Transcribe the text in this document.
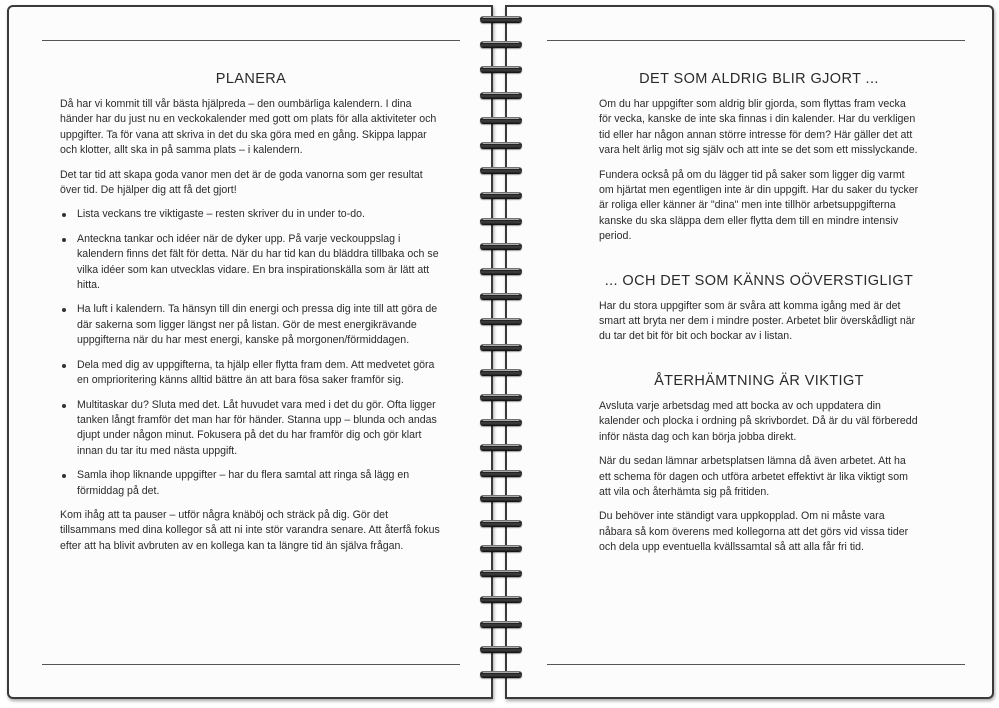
PLANERA

Då har vi kommit till vår bästa hjälpreda – den oumbärliga kalendern. I dina händer har du just nu en veckokalender med gott om plats för alla aktiviteter och uppgifter. Ta för vana att skriva in det du ska göra med en gång. Skippa lappar och klotter, allt ska in på samma plats – i kalendern.

Det tar tid att skapa goda vanor men det är de goda vanorna som ger resultat över tid. De hjälper dig att få det gjort!

Lista veckans tre viktigaste – resten skriver du in under to-do.
Anteckna tankar och idéer när de dyker upp. På varje veckouppslag i kalendern finns det fält för detta. När du har tid kan du bläddra tillbaka och se vilka idéer som kan utvecklas vidare. En bra inspirationskälla som är lätt att hitta.
Ha luft i kalendern. Ta hänsyn till din energi och pressa dig inte till att göra de där sakerna som ligger längst ner på listan. Gör de mest energikrävande uppgifterna när du har mest energi, kanske på morgonen/förmiddagen.
Dela med dig av uppgifterna, ta hjälp eller flytta fram dem. Att medvetet göra en omprioritering känns alltid bättre än att bara fösa saker framför sig.
Multitaskar du? Sluta med det. Låt huvudet vara med i det du gör. Ofta ligger tanken långt framför det man har för händer. Stanna upp – blunda och andas djupt under någon minut. Fokusera på det du har framför dig och gör klart innan du tar itu med nästa uppgift.
Samla ihop liknande uppgifter – har du flera samtal att ringa så lägg en förmiddag på det.

Kom ihåg att ta pauser – utför några knäböj och sträck på dig. Gör det tillsammans med dina kollegor så att ni inte stör varandra senare. Att återfå fokus efter att ha blivit avbruten av en kollega kan ta längre tid än själva frågan.

DET SOM ALDRIG BLIR GJORT ...

Om du har uppgifter som aldrig blir gjorda, som flyttas fram vecka för vecka, kanske de inte ska finnas i din kalender. Har du verkligen tid eller har någon annan större intresse för dem? Här gäller det att vara helt ärlig mot sig själv och att inte se det som ett misslyckande.

Fundera också på om du lägger tid på saker som ligger dig varmt om hjärtat men egentligen inte är din uppgift. Har du saker du tycker är roliga eller känner är "dina" men inte tillhör arbetsuppgifterna kanske du ska släppa dem eller flytta dem till en mindre intensiv period.

... OCH DET SOM KÄNNS OÖVERSTIGLIGT

Har du stora uppgifter som är svåra att komma igång med är det smart att bryta ner dem i mindre poster. Arbetet blir överskådligt när du tar det bit för bit och bockar av i listan.

ÅTERHÄMTNING ÄR VIKTIGT

Avsluta varje arbetsdag med att bocka av och uppdatera din kalender och plocka i ordning på skrivbordet. Då är du väl förberedd inför nästa dag och kan börja jobba direkt.

När du sedan lämnar arbetsplatsen lämna då även arbetet. Att ha ett schema för dagen och utföra arbetet effektivt är lika viktigt som att vila och återhämta sig på fritiden.

Du behöver inte ständigt vara uppkopplad. Om ni måste vara nåbara så kom överens med kollegorna att det görs vid vissa tider och dela upp eventuella kvällssamtal så att alla får fri tid.
